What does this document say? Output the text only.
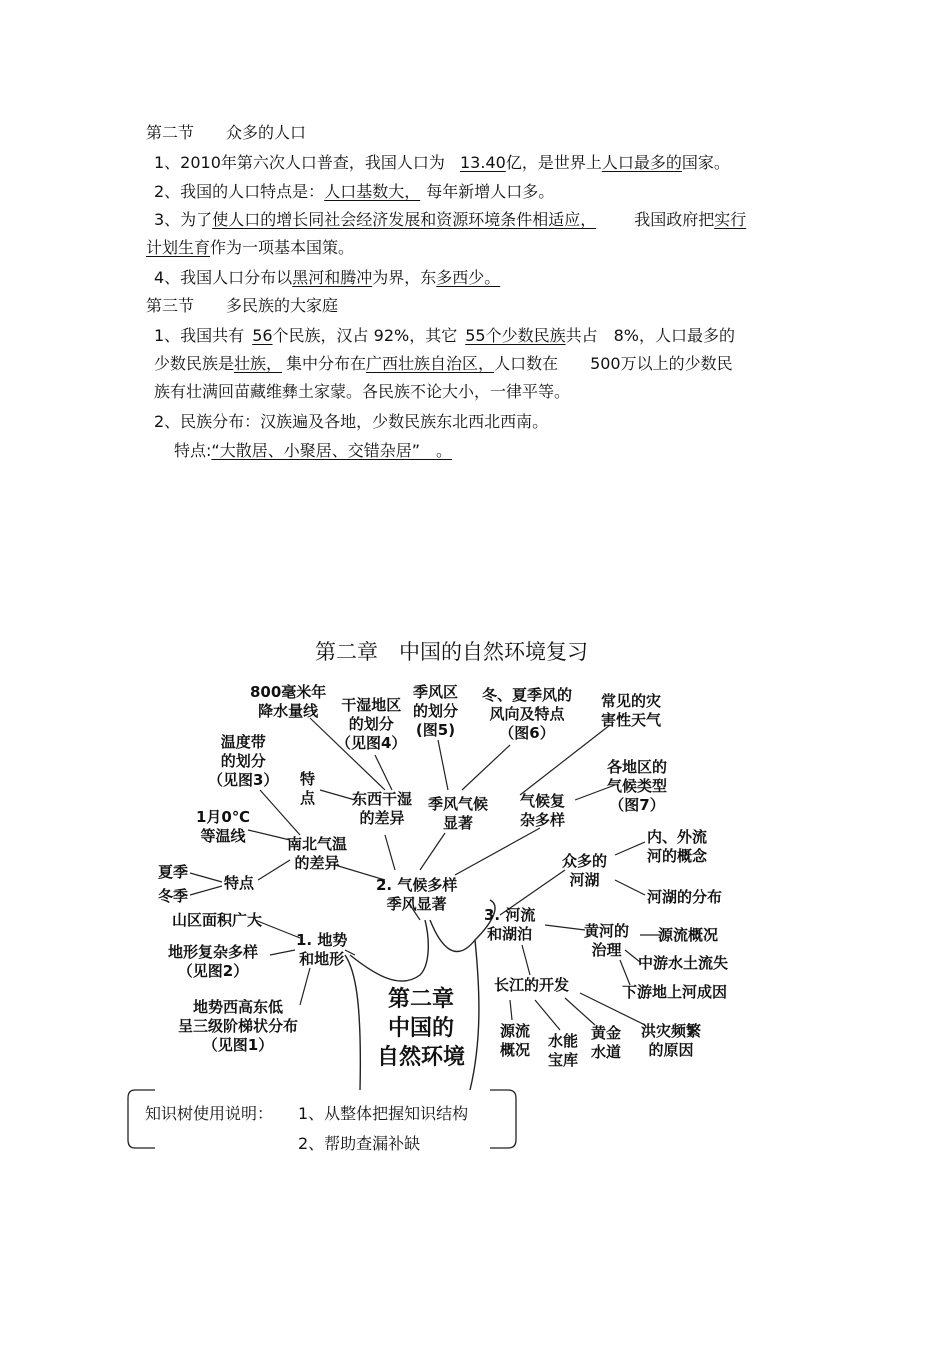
第二节　　众多的人口
1、2010年第六次人口普查，我国人口为 13.40亿，是世界上人口最多的国家。
2、我国的人口特点是：人口基数大， 每年新增人口多。
3、为了使人口的增长同社会经济发展和资源环境条件相适应， 我国政府把实行
计划生育作为一项基本国策。
4、我国人口分布以黑河和腾冲为界，东多西少。
第三节　　多民族的大家庭
1、我国共有 56个民族，汉占 92%，其它 55个少数民族共占　8%，人口最多的
少数民族是壮族， 集中分布在广西壮族自治区，人口数在　　500万以上的少数民
族有壮满回苗藏维彝土家蒙。各民族不论大小，一律平等。
2、民族分布：汉族遍及各地，少数民族东北西北西南。
特点:“大散居、小聚居、交错杂居”　。
第二章　中国的自然环境复习
第二章
中国的
自然环境
1. 地势
和地形
山区面积广大
地形复杂多样
（见图2）
地势西高东低
呈三级阶梯状分布
（见图1）
2. 气候多样
季风显著
南北气温
的差异
温度带
的划分
（见图3）
1月0℃
等温线
特点
夏季
冬季
东西干湿
的差异
800毫米年
降水量线	干湿地区
的划分
（见图4）
特
点	季风气候
显著
季风区
的划分
(图5)
冬、夏季风的
风向及特点
（图6）
气候复
杂多样
常见的灾
害性天气
各地区的
气候类型
（图7）
3. 河流
和湖泊
众多的
河湖
内、外流
河的概念
河湖的分布
黄河的
治理
源流概况
中游水土流失
下游地上河成因
长江的开发
源流
概况 水能
宝库
黄金
水道
洪灾频繁
的原因
知识树使用说明： 1、从整体把握知识结构
2、帮助查漏补缺
